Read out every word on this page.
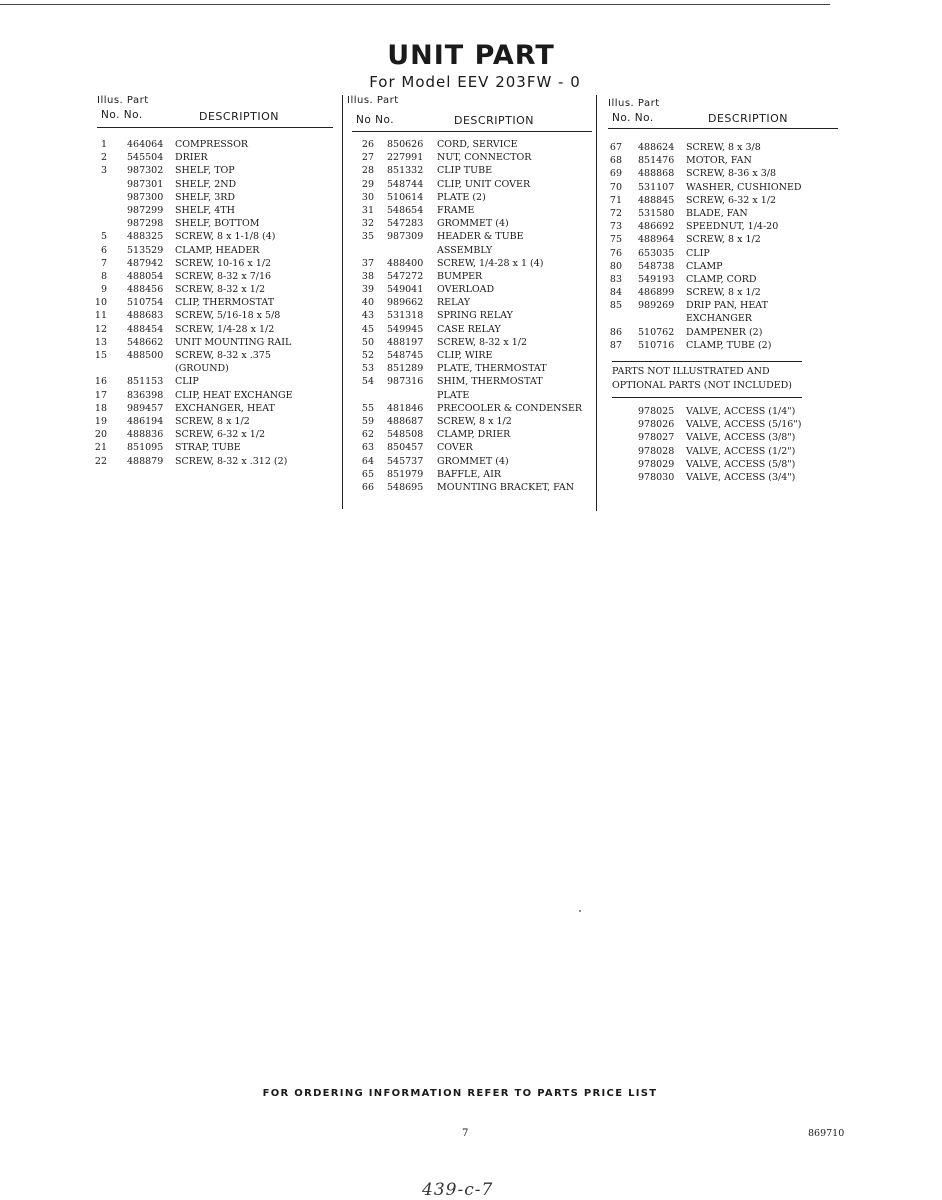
UNIT PART
For Model EEV 203FW - 0
Illus. Part
No. No.	DESCRIPTION
1 464064 COMPRESSOR
2 545504 DRIER
3 987302 SHELF, TOP
987301 SHELF, 2ND
987300 SHELF, 3RD
987299 SHELF, 4TH
987298 SHELF, BOTTOM
5 488325 SCREW, 8 x 1-1/8 (4)
6 513529 CLAMP, HEADER
7 487942 SCREW, 10-16 x 1/2
8 488054 SCREW, 8-32 x 7/16
9 488456 SCREW, 8-32 x 1/2
10 510754 CLIP, THERMOSTAT
11 488683 SCREW, 5/16-18 x 5/8
12 488454 SCREW, 1/4-28 x 1/2
13 548662 UNIT MOUNTING RAIL
15 488500 SCREW, 8-32 x .375
(GROUND)
16 851153 CLIP
17 836398 CLIP, HEAT EXCHANGE
18 989457 EXCHANGER, HEAT
19 486194 SCREW, 8 x 1/2
20 488836 SCREW, 6-32 x 1/2
21 851095 STRAP, TUBE
22 488879 SCREW, 8-32 x .312 (2)
Illus. Part
No No.	DESCRIPTION
26 850626 CORD, SERVICE
27 227991 NUT, CONNECTOR
28 851332 CLIP TUBE
29 548744 CLIP, UNIT COVER
30 510614 PLATE (2)
31 548654 FRAME
32 547283 GROMMET (4)
35 987309 HEADER & TUBE
ASSEMBLY
37 488400 SCREW, 1/4-28 x 1 (4)
38 547272 BUMPER
39 549041 OVERLOAD
40 989662 RELAY
43 531318 SPRING RELAY
45 549945 CASE RELAY
50 488197 SCREW, 8-32 x 1/2
52 548745 CLIP, WIRE
53 851289 PLATE, THERMOSTAT
54 987316 SHIM, THERMOSTAT
PLATE
55 481846 PRECOOLER & CONDENSER
59 488687 SCREW, 8 x 1/2
62 548508 CLAMP, DRIER
63 850457 COVER
64 545737 GROMMET (4)
65 851979 BAFFLE, AIR
66 548695 MOUNTING BRACKET, FAN
Illus. Part
No. No.	DESCRIPTION
67 488624 SCREW, 8 x 3/8
68 851476 MOTOR, FAN
69 488868 SCREW, 8-36 x 3/8
70 531107 WASHER, CUSHIONED
71 488845 SCREW, 6-32 x 1/2
72 531580 BLADE, FAN
73 486692 SPEEDNUT, 1/4-20
75 488964 SCREW, 8 x 1/2
76 653035 CLIP
80 548738 CLAMP
83 549193 CLAMP, CORD
84 486899 SCREW, 8 x 1/2
85 989269 DRIP PAN, HEAT
EXCHANGER
86 510762 DAMPENER (2)
87 510716 CLAMP, TUBE (2)
PARTS NOT ILLUSTRATED AND
OPTIONAL PARTS (NOT INCLUDED)
978025 VALVE, ACCESS (1/4")
978026 VALVE, ACCESS (5/16")
978027 VALVE, ACCESS (3/8")
978028 VALVE, ACCESS (1/2")
978029 VALVE, ACCESS (5/8")
978030 VALVE, ACCESS (3/4")
FOR ORDERING INFORMATION REFER TO PARTS PRICE LIST
7	869710
439-c-7
